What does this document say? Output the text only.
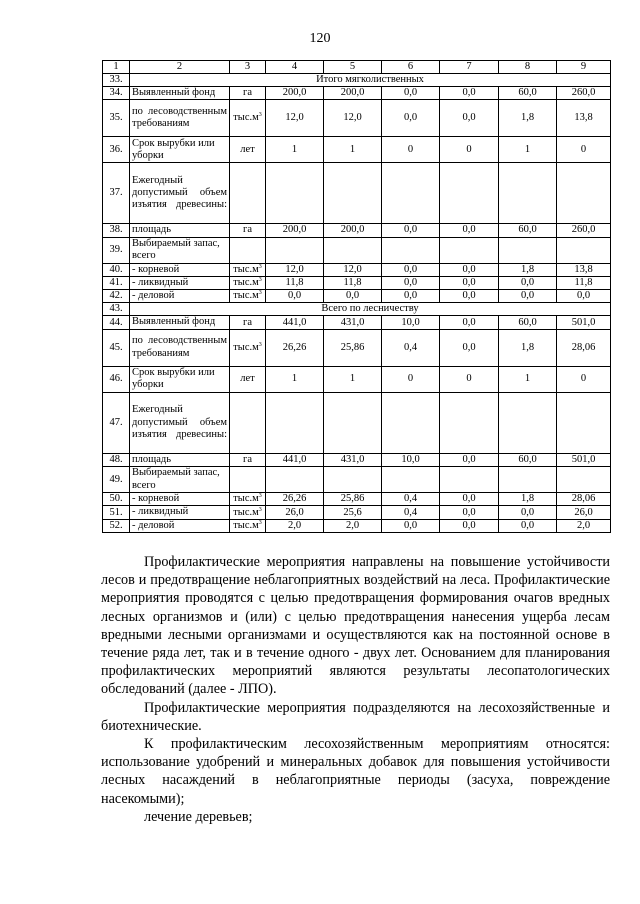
120
1	2	3	4	5	6	7	8	9
33.	Итого мягколиственных							
34.	Выявленный фонд	га	200,0	200,0	0,0	0,0	60,0	260,0
35.	по лесоводственным требованиям	$тыс.м^3$	12,0	12,0	0,0	0,0	1,8	13,8
36.	Срок вырубки или уборки	лет	1	1	0	0	1	0
37.	Ежегодный допустимый объем изъятия древесины:							
38.	площадь	га	200,0	200,0	0,0	0,0	60,0	260,0
39.	Выбираемый запас, всего							
40.	- корневой	$тыс.м^3$	12,0	12,0	0,0	0,0	1,8	13,8
41.	- ликвидный	$тыс.м^3$	11,8	11,8	0,0	0,0	0,0	11,8
42.	- деловой	$тыс.м^3$	0,0	0,0	0,0	0,0	0,0	0,0
43.	Всего по лесничеству							
44.	Выявленный фонд	га	441,0	431,0	10,0	0,0	60,0	501,0
45.	по лесоводственным требованиям	$тыс.м^3$	26,26	25,86	0,4	0,0	1,8	28,06
46.	Срок вырубки или уборки	лет	1	1	0	0	1	0
47.	Ежегодный допустимый объем изъятия древесины:							
48.	площадь	га	441,0	431,0	10,0	0,0	60,0	501,0
49.	Выбираемый запас, всего							
50.	- корневой	$тыс.м^3$	26,26	25,86	0,4	0,0	1,8	28,06
51.	- ликвидный	$тыс.м^3$	26,0	25,6	0,4	0,0	0,0	26,0
52.	- деловой	$тыс.м^3$	2,0	2,0	0,0	0,0	0,0	2,0

Профилактические мероприятия направлены на повышение устойчивости лесов и предотвращение неблагоприятных воздействий на леса. Профилактические мероприятия проводятся с целью предотвращения формирования очагов вредных лесных организмов и (или) с целью предотвращения нанесения ущерба лесам вредными лесными организмами и осуществляются как на постоянной основе в течение ряда лет, так и в течение одного - двух лет. Основанием для планирования профилактических мероприятий являются результаты лесопатологических обследований (далее - ЛПО).

Профилактические мероприятия подразделяются на лесохозяйственные и биотехнические.

К профилактическим лесохозяйственным мероприятиям относятся: использование удобрений и минеральных добавок для повышения устойчивости лесных насаждений в неблагоприятные периоды (засуха, повреждение насекомыми);

лечение деревьев;
